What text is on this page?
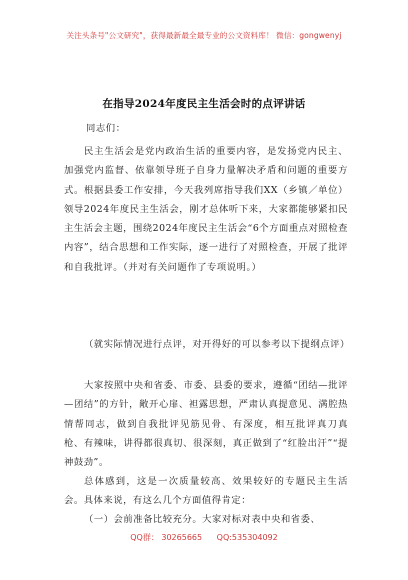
关注头条号"公文研究"，获得最新最全最专业的公文资料库！ 微信：gongwenyj
在指导2024年度民主生活会时的点评讲话
同志们：

民主生活会是党内政治生活的重要内容，是发扬党内民主、加强党内监督、依靠领导班子自身力量解决矛盾和问题的重要方式。根据县委工作安排，今天我列席指导我们XX（乡镇／单位）领导2024年度民主生活会，刚才总体听下来，大家都能够紧扣民主生活会主题，围绕2024年度民主生活会“6个方面重点对照检查内容”，结合思想和工作实际，逐一进行了对照检查，开展了批评和自我批评。（并对有关问题作了专项说明。）

（就实际情况进行点评，对开得好的可以参考以下提纲点评）

大家按照中央和省委、市委、县委的要求，遵循“团结—批评—团结”的方针，敞开心扉、袒露思想，严肃认真提意见、满腔热情帮同志，做到自我批评见筋见骨、有深度，相互批评真刀真枪、有辣味，讲得都很真切、很深刻，真正做到了“红脸出汗”“提神鼓劲”。

总体感到，这是一次质量较高、效果较好的专题民主生活会。具体来说，有这么几个方面值得肯定：

（一）会前准备比较充分。大家对标对表中央和省委、

QQ群： 30265665 QQ:535304092
